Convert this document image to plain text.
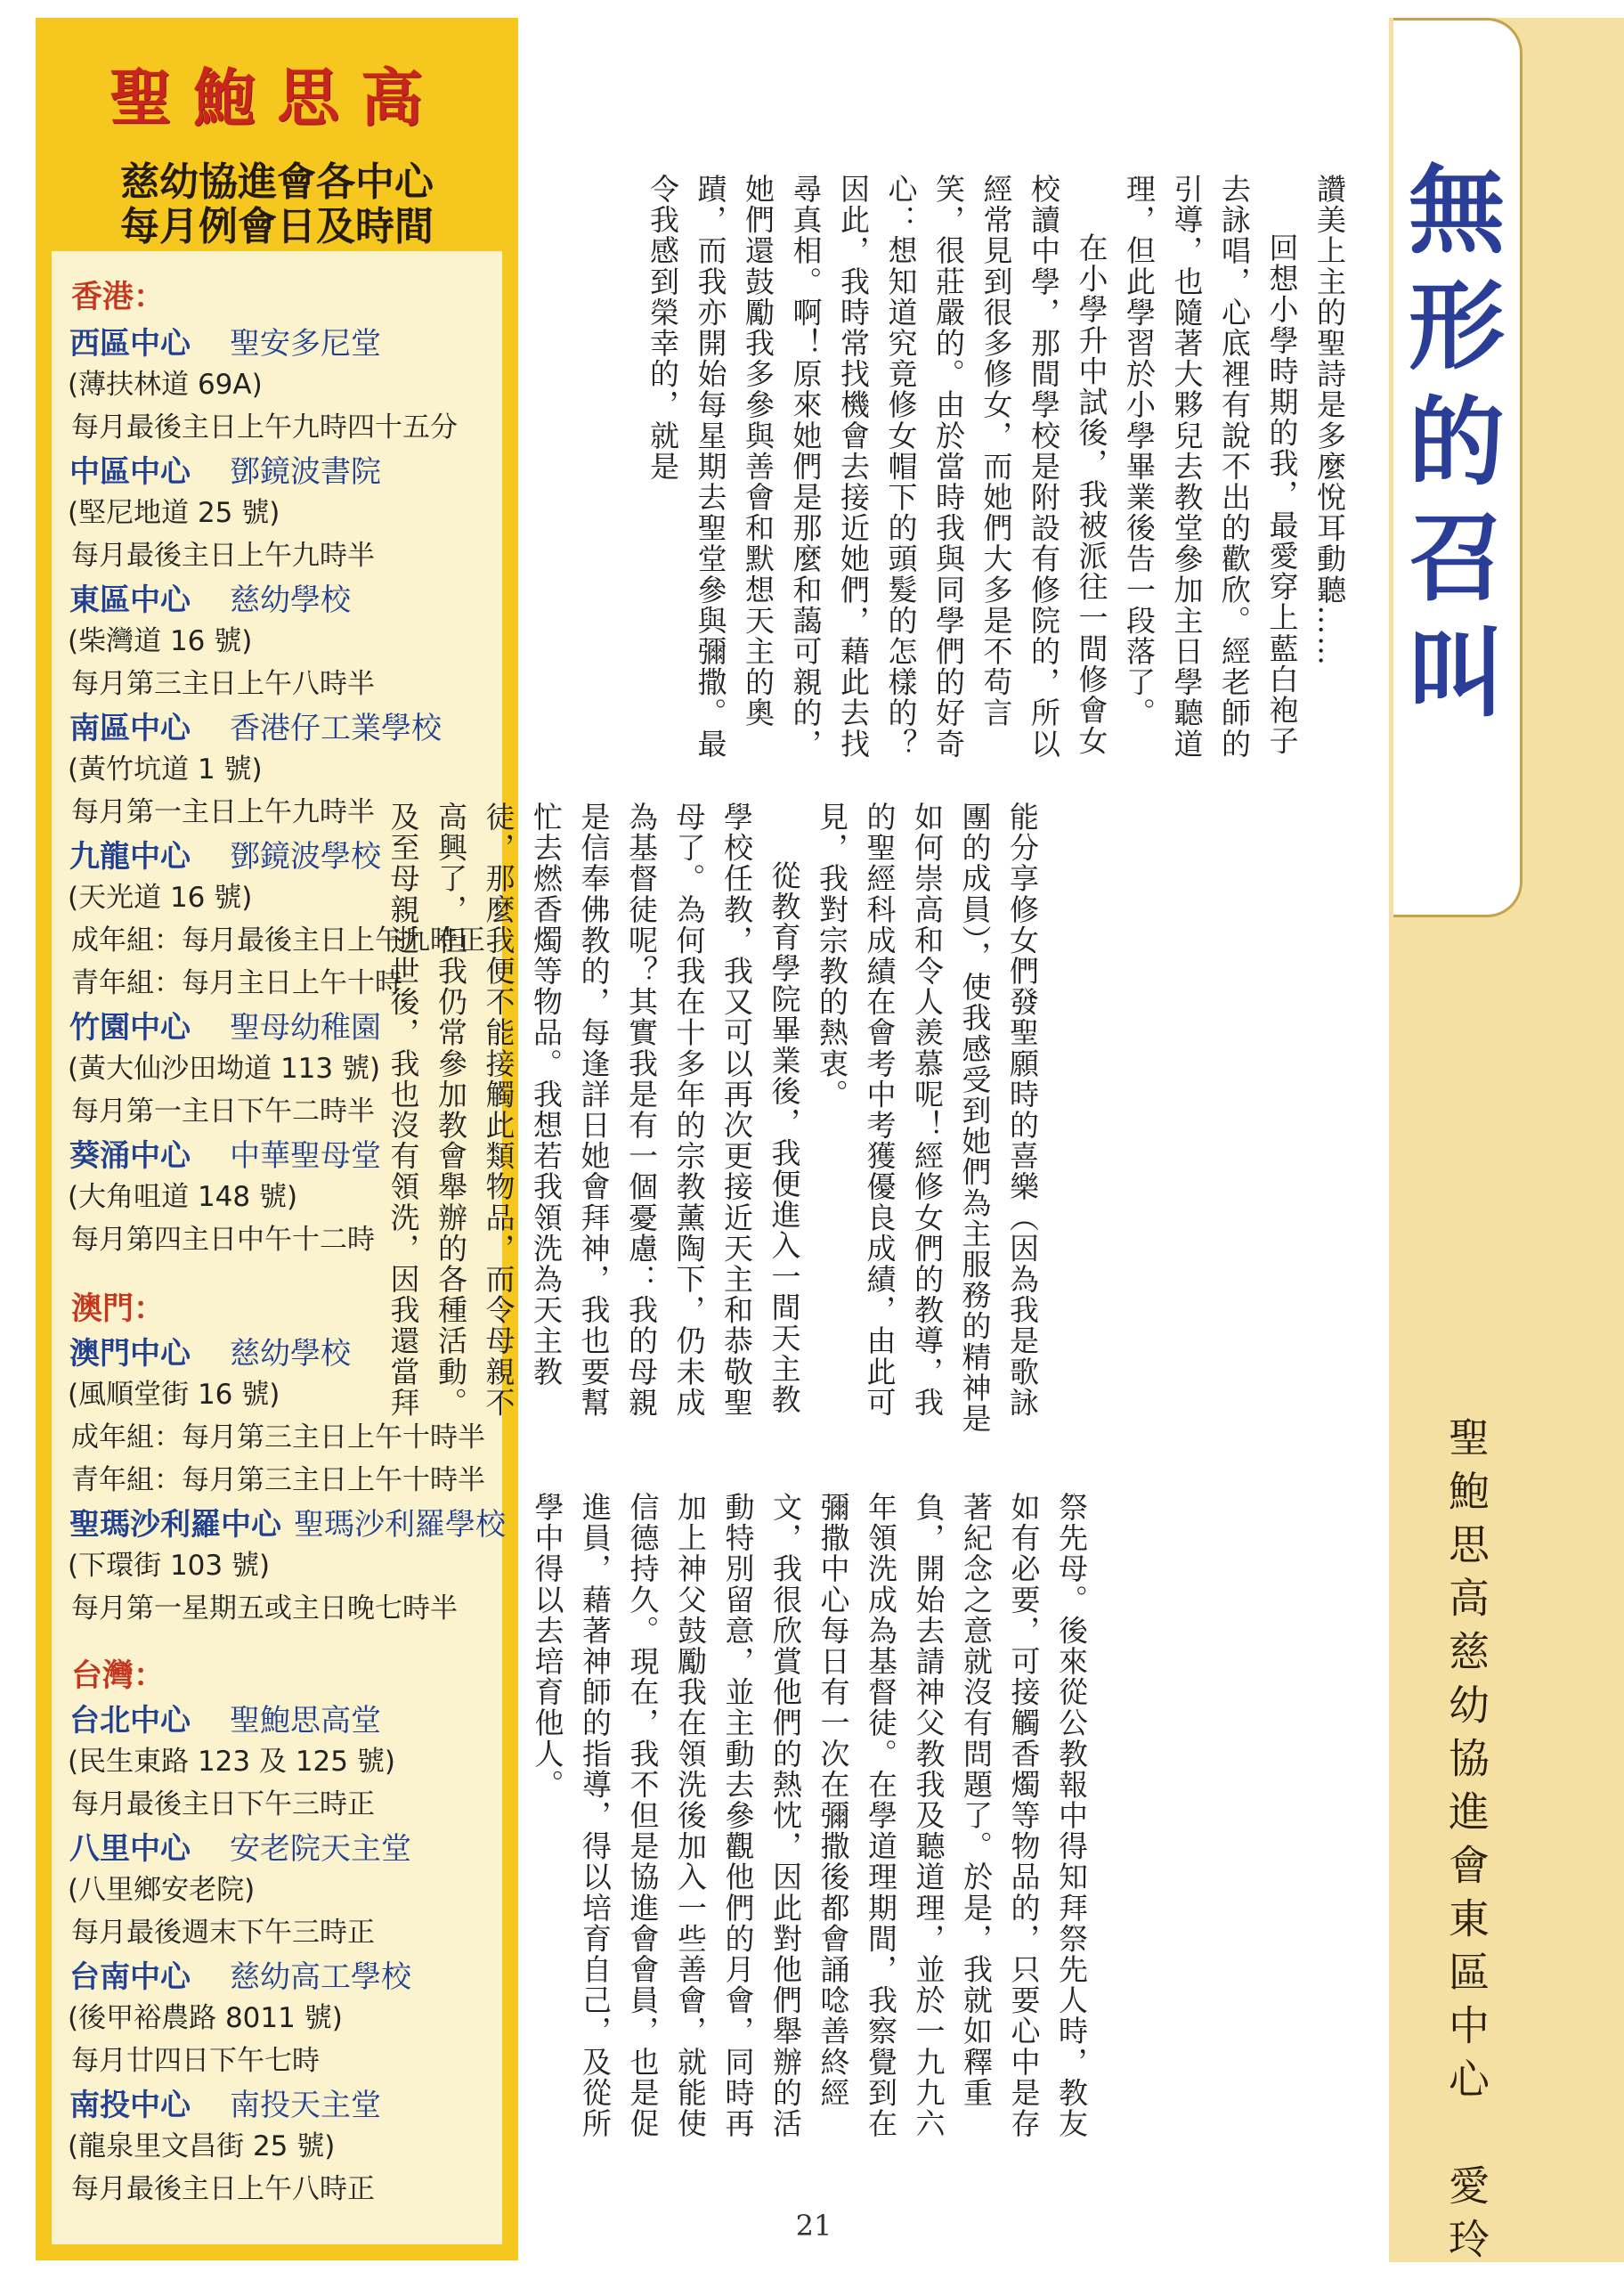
聖鮑思高
慈幼協進會各中心
每月例會日及時間
香港：
西區中心 聖安多尼堂
(薄扶林道 69A)
每月最後主日上午九時四十五分
中區中心 鄧鏡波書院
(堅尼地道 25 號)
每月最後主日上午九時半
東區中心 慈幼學校
(柴灣道 16 號)
每月第三主日上午八時半
南區中心 香港仔工業學校
(黃竹坑道 1 號)
每月第一主日上午九時半
九龍中心 鄧鏡波學校
(天光道 16 號)
成年組：每月最後主日上午九時正
青年組：每月主日上午十時
竹園中心 聖母幼稚園
(黃大仙沙田坳道 113 號)
每月第一主日下午二時半
葵涌中心 中華聖母堂
(大角咀道 148 號)
每月第四主日中午十二時
澳門：
澳門中心 慈幼學校
(風順堂街 16 號)
成年組：每月第三主日上午十時半
青年組：每月第三主日上午十時半
聖瑪沙利羅中心 聖瑪沙利羅學校
(下環街 103 號)
每月第一星期五或主日晚七時半
台灣：
台北中心 聖鮑思高堂
(民生東路 123 及 125 號)
每月最後主日下午三時正
八里中心 安老院天主堂
(八里鄉安老院)
每月最後週末下午三時正
台南中心 慈幼高工學校
(後甲裕農路 8011 號)
每月廿四日下午七時
南投中心 南投天主堂
(龍泉里文昌街 25 號)
每月最後主日上午八時正

讚美上主的聖詩是多麼悅耳動聽……

回想小學時期的我，最愛穿上藍白袍子去詠唱，心底裡有說不出的歡欣。經老師的引導，也隨著大夥兒去教堂參加主日學聽道理，但此學習於小學畢業後告一段落了。

在小學升中試後，我被派往一間修會女校讀中學，那間學校是附設有修院的，所以經常見到很多修女，而她們大多是不苟言笑，很莊嚴的。由於當時我與同學們的好奇心：想知道究竟修女帽下的頭髮的怎樣的？因此，我時常找機會去接近她們，藉此去找尋真相。啊！原來她們是那麼和藹可親的，她們還鼓勵我多參與善會和默想天主的奧蹟，而我亦開始每星期去聖堂參與彌撒。最令我感到榮幸的，就是

能分享修女們發聖願時的喜樂（因為我是歌詠團的成員），使我感受到她們為主服務的精神是如何崇高和令人羨慕呢！經修女們的教導，我的聖經科成績在會考中考獲優良成績，由此可見，我對宗教的熱衷。

從教育學院畢業後，我便進入一間天主教學校任教，我又可以再次更接近天主和恭敬聖母了。為何我在十多年的宗教薰陶下，仍未成為基督徒呢？其實我是有一個憂慮：我的母親是信奉佛教的，每逢詳日她會拜神，我也要幫忙去燃香燭等物品。我想若我領洗為天主教徒，那麼我便不能接觸此類物品，而令母親不高興了，但我仍常參加教會舉辦的各種活動。及至母親逝世後，我也沒有領洗，因我還當拜

祭先母。後來從公教報中得知拜祭先人時，教友如有必要，可接觸香燭等物品的，只要心中是存著紀念之意就沒有問題了。於是，我就如釋重負，開始去請神父教我及聽道理，並於一九九六年領洗成為基督徒。在學道理期間，我察覺到在彌撒中心每日有一次在彌撒後都會誦唸善終經文，我很欣賞他們的熱忱，因此對他們舉辦的活動特別留意，並主動去參觀他們的月會，同時再加上神父鼓勵我在領洗後加入一些善會，就能使信德持久。現在，我不但是協進會會員，也是促進員，藉著神師的指導，得以培育自己，及從所學中得以去培育他人。

21
無
形
的
召
叫
聖鮑思高慈幼協進會東區中心　愛玲
